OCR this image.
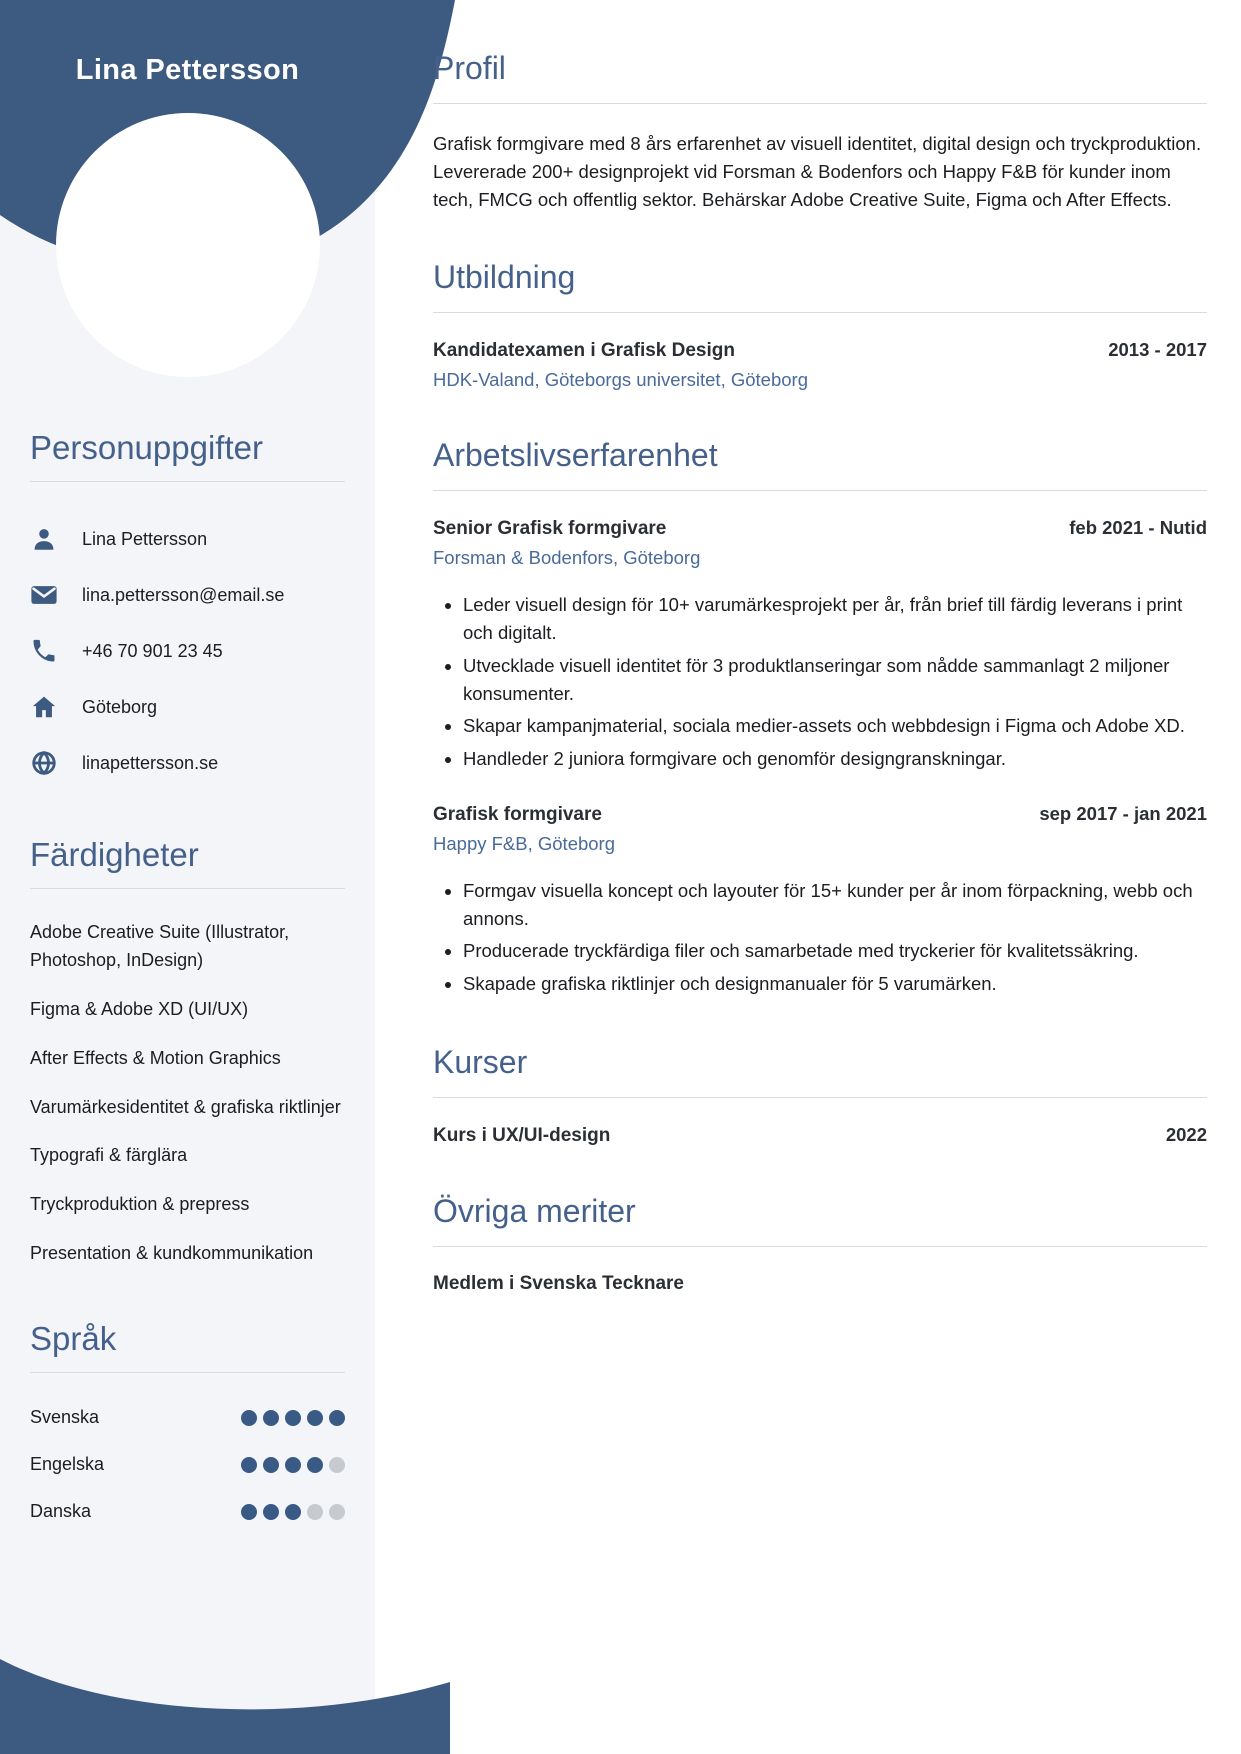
Lina Pettersson
Personuppgifter
Lina Pettersson
lina.pettersson@email.se
+46 70 901 23 45
Göteborg
linapettersson.se
Färdigheter
Adobe Creative Suite (Illustrator, Photoshop, InDesign)
Figma & Adobe XD (UI/UX)
After Effects & Motion Graphics
Varumärkesidentitet & grafiska riktlinjer
Typografi & färglära
Tryckproduktion & prepress
Presentation & kundkommunikation
Språk
Svenska
Engelska
Danska
Profil

Grafisk formgivare med 8 års erfarenhet av visuell identitet, digital design och tryckproduktion. Levererade 200+ designprojekt vid Forsman & Bodenfors och Happy F&B för kunder inom tech, FMCG och offentlig sektor. Behärskar Adobe Creative Suite, Figma och After Effects.

Utbildning
Kandidatexamen i Grafisk Design	2013 - 2017
HDK-Valand, Göteborgs universitet, Göteborg
Arbetslivserfarenhet
Senior Grafisk formgivare	feb 2021 - Nutid
Forsman & Bodenfors, Göteborg
• Leder visuell design för 10+ varumärkesprojekt per år, från brief till färdig leverans i print och digitalt.
• Utvecklade visuell identitet för 3 produktlanseringar som nådde sammanlagt 2 miljoner konsumenter.
• Skapar kampanjmaterial, sociala medier-assets och webbdesign i Figma och Adobe XD.
• Handleder 2 juniora formgivare och genomför designgranskningar.
Grafisk formgivare	sep 2017 - jan 2021
Happy F&B, Göteborg
• Formgav visuella koncept och layouter för 15+ kunder per år inom förpackning, webb och annons.
• Producerade tryckfärdiga filer och samarbetade med tryckerier för kvalitetssäkring.
• Skapade grafiska riktlinjer och designmanualer för 5 varumärken.
Kurser
Kurs i UX/UI-design	2022
Övriga meriter
Medlem i Svenska Tecknare
